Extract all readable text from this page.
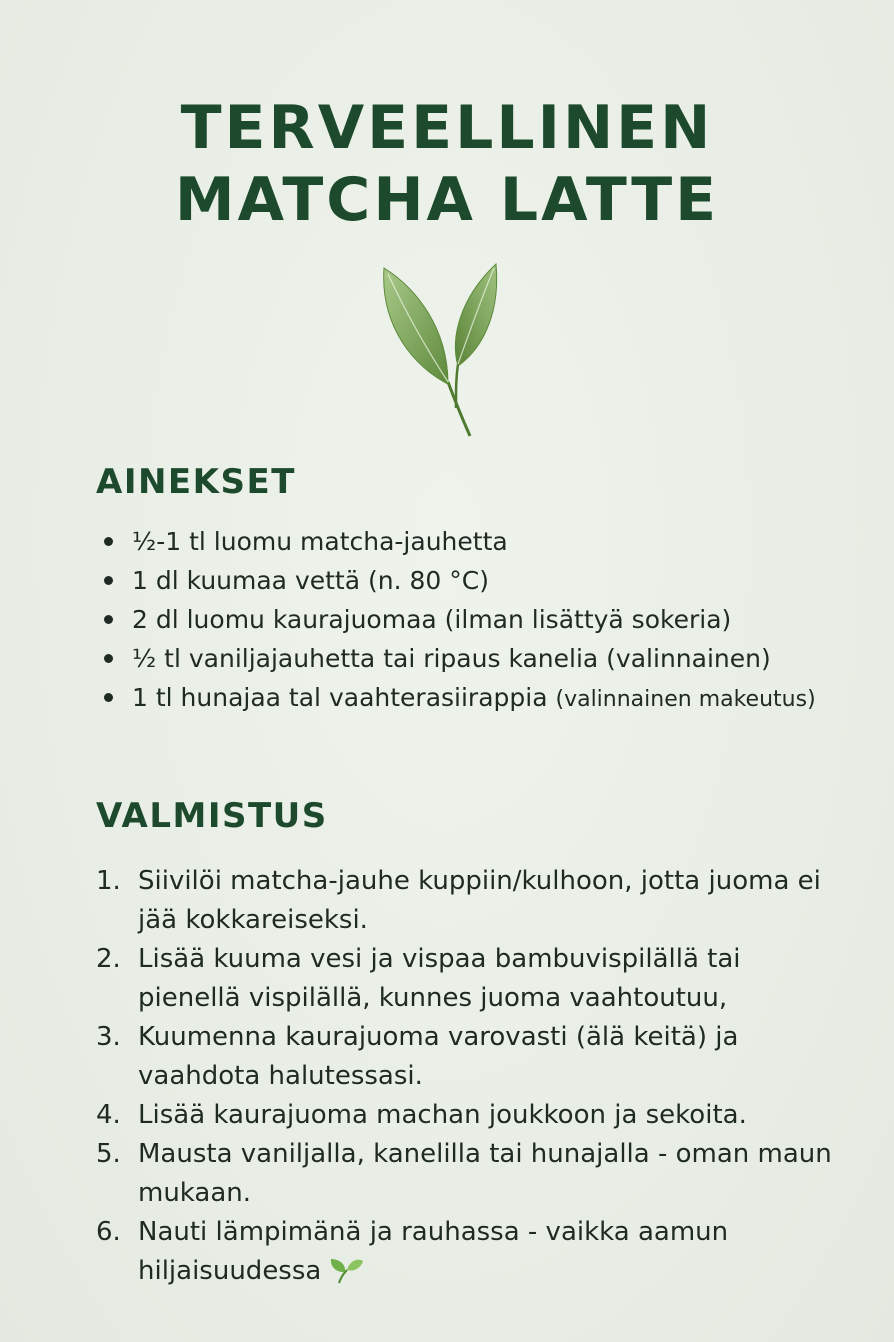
TERVEELLINEN
MATCHA LATTE
AINEKSET
½-1 tl luomu matcha-jauhetta
1 dl kuumaa vettä (n. 80 °C)
2 dl luomu kaurajuomaa (ilman lisättyä sokeria)
½ tl vaniljajauhetta tai ripaus kanelia (valinnainen)
1 tl hunajaa tal vaahterasiirappia (valinnainen makeutus)
VALMISTUS
1. Siivilöi matcha-jauhe kuppiin/kulhoon, jotta juoma ei jää kokkareiseksi.
2. Lisää kuuma vesi ja vispaa bambuvispilällä tai pienellä vispilällä, kunnes juoma vaahtoutuu,
3. Kuumenna kaurajuoma varovasti (älä keitä) ja vaahdota halutessasi.
4. Lisää kaurajuoma machan joukkoon ja sekoita.
5. Mausta vaniljalla, kanelilla tai hunajalla - oman maun mukaan.
6. Nauti lämpimänä ja rauhassa - vaikka aamun hiljaisuudessa
